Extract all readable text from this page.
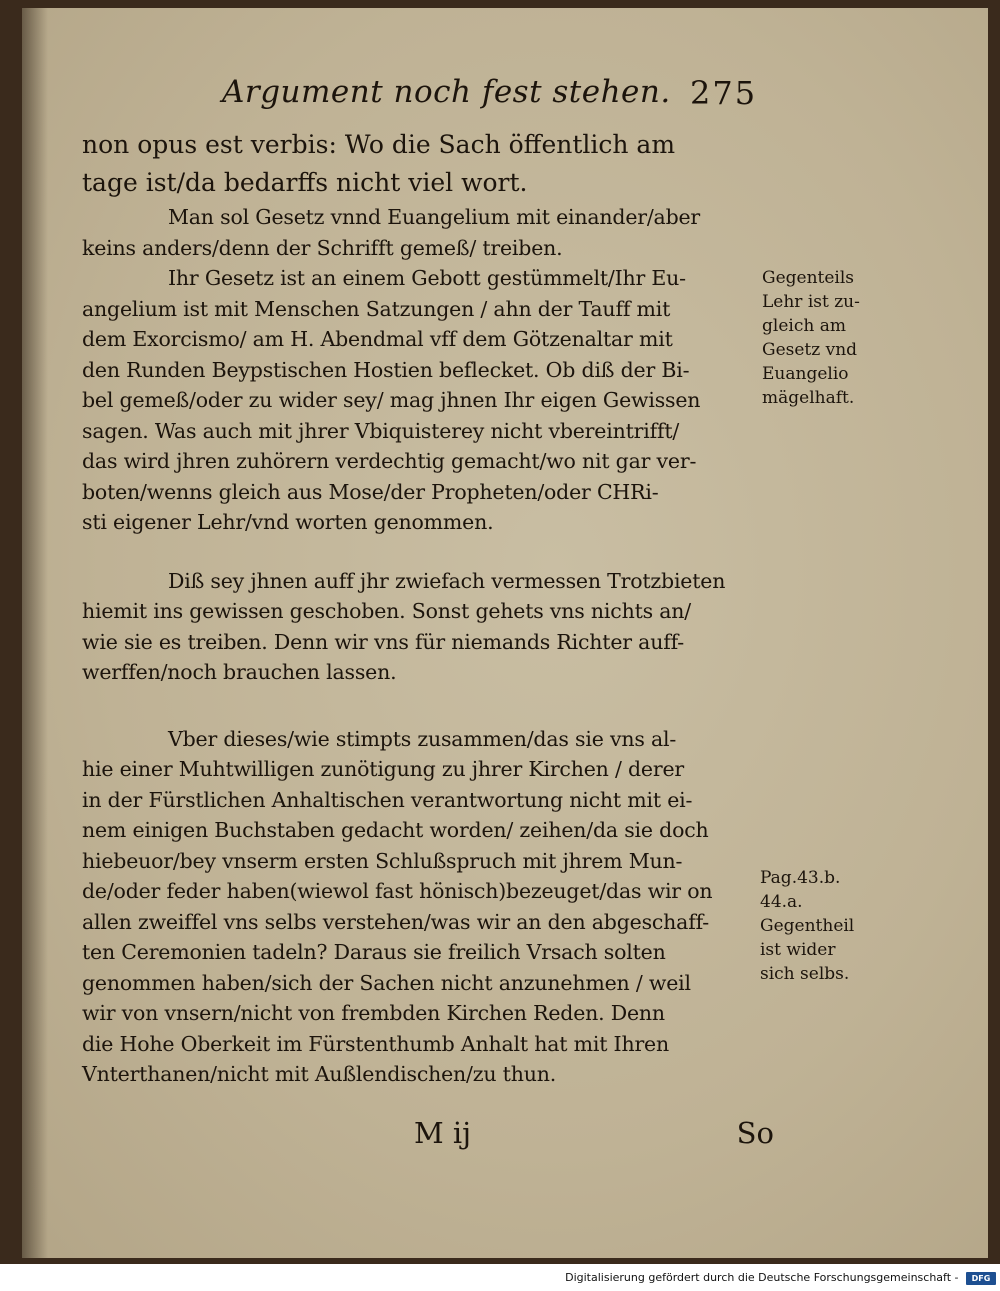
Argument noch fest stehen. 275
non opus est verbis: Wo die Sach öffentlich am
tage ist/da bedarffs nicht viel wort.
Man sol Gesetz vnnd Euangelium mit einander/aber
keins anders/denn der Schrifft gemeß/ treiben.
Ihr Gesetz ist an einem Gebott gestümmelt/Ihr Eu-
angelium ist mit Menschen Satzungen / ahn der Tauff mit
dem Exorcismo/ am H. Abendmal vff dem Götzenaltar mit
den Runden Beypstischen Hostien beflecket. Ob diß der Bi-
bel gemeß/oder zu wider sey/ mag jhnen Ihr eigen Gewissen
sagen. Was auch mit jhrer Vbiquisterey nicht vbereintrifft/
das wird jhren zuhörern verdechtig gemacht/wo nit gar ver-
boten/wenns gleich aus Mose/der Propheten/oder CHRi-
sti eigener Lehr/vnd worten genommen.
Diß sey jhnen auff jhr zwiefach vermessen Trotzbieten
hiemit ins gewissen geschoben. Sonst gehets vns nichts an/
wie sie es treiben. Denn wir vns für niemands Richter auff-
werffen/noch brauchen lassen.
Vber dieses/wie stimpts zusammen/das sie vns al-
hie einer Muhtwilligen zunötigung zu jhrer Kirchen / derer
in der Fürstlichen Anhaltischen verantwortung nicht mit ei-
nem einigen Buchstaben gedacht worden/ zeihen/da sie doch
hiebeuor/bey vnserm ersten Schlußspruch mit jhrem Mun-
de/oder feder haben(wiewol fast hönisch)bezeuget/das wir on
allen zweiffel vns selbs verstehen/was wir an den abgeschaff-
ten Ceremonien tadeln? Daraus sie freilich Vrsach solten
genommen haben/sich der Sachen nicht anzunehmen / weil
wir von vnsern/nicht von frembden Kirchen Reden. Denn
die Hohe Oberkeit im Fürstenthumb Anhalt hat mit Ihren
Vnterthanen/nicht mit Außlendischen/zu thun.
Gegenteils
Lehr ist zu-
gleich am
Gesetz vnd
Euangelio
mägelhaft.
Pag.43.b.
44.a.
Gegentheil
ist wider
sich selbs.
M ij	So
Digitalisierung gefördert durch die Deutsche Forschungsgemeinschaft - DFG
